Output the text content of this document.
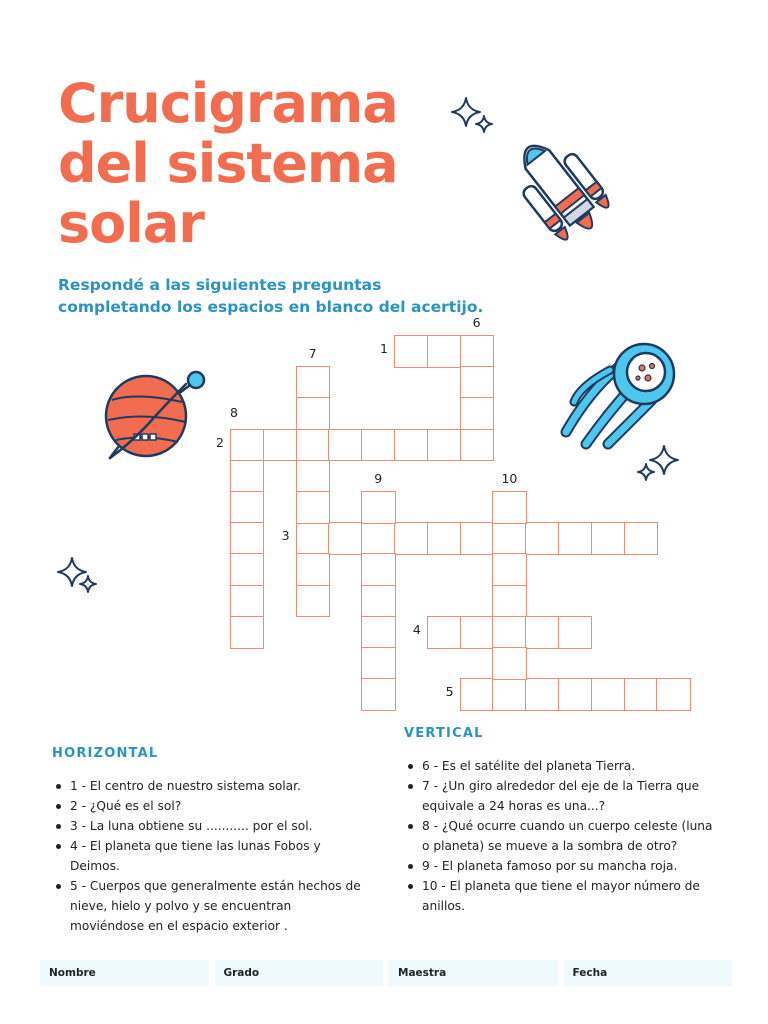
Crucigrama
del sistema
solar

Respondé a las siguientes preguntas
completando los espacios en blanco del acertijo.

1
2
3
4
5
6
7
8
9	10
HORIZONTAL
1 - El centro de nuestro sistema solar.
2 - ¿Qué es el sol?
3 - La luna obtiene su ........... por el sol.
4 - El planeta que tiene las lunas Fobos y Deimos.
5 - Cuerpos que generalmente están hechos de nieve, hielo y polvo y se encuentran moviéndose en el espacio exterior .
VERTICAL
6 - Es el satélite del planeta Tierra.
7 - ¿Un giro alrededor del eje de la Tierra que equivale a 24 horas es una...?
8 - ¿Qué ocurre cuando un cuerpo celeste (luna o planeta) se mueve a la sombra de otro?
9 - El planeta famoso por su mancha roja.
10 - El planeta que tiene el mayor número de anillos.
Nombre	Grado	Maestra	Fecha
